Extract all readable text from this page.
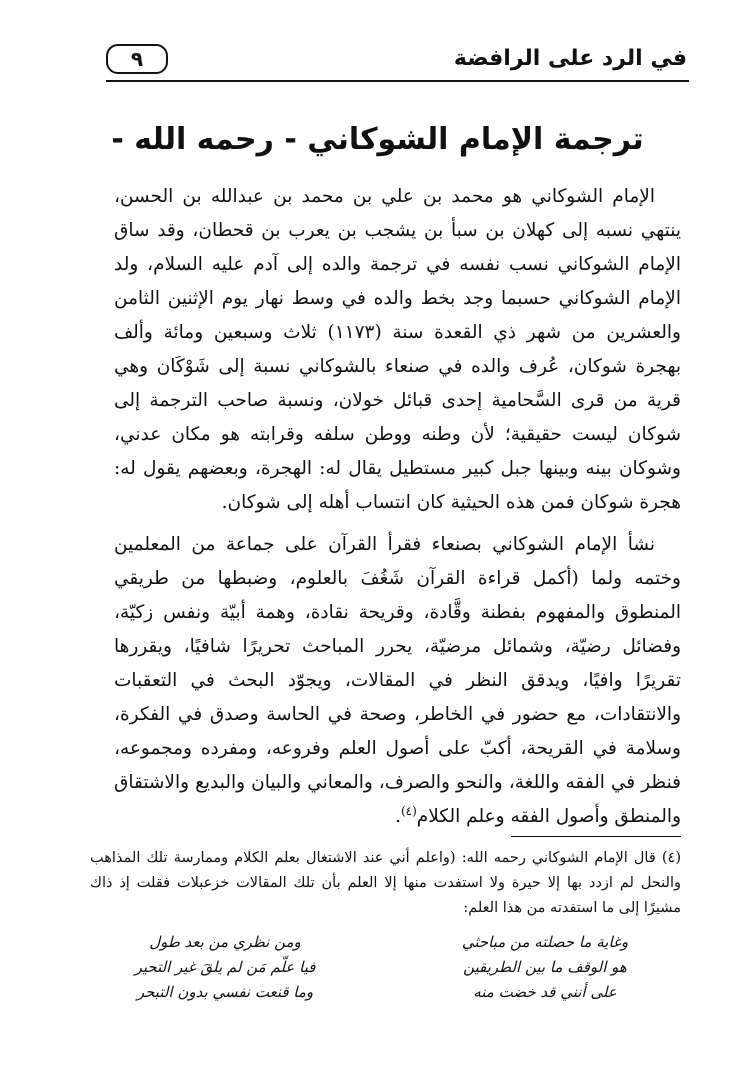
في الرد على الرافضة
٩
ترجمة الإمام الشوكاني - رحمه الله -

الإمام الشوكاني هو محمد بن علي بن محمد بن عبدالله بن الحسن، ينتهي نسبه إلى كهلان بن سبأ بن يشجب بن يعرب بن قحطان، وقد ساق الإمام الشوكاني نسب نفسه في ترجمة والده إلى آدم عليه السلام، ولد الإمام الشوكاني حسبما وجد بخط والده في وسط نهار يوم الإثنين الثامن والعشرين من شهر ذي القعدة سنة (١١٧٣) ثلاث وسبعين ومائة وألف بهجرة شوكان، عُرف والده في صنعاء بالشوكاني نسبة إلى شَوْكَان وهي قرية من قرى السَّحامية إحدى قبائل خولان، ونسبة صاحب الترجمة إلى شوكان ليست حقيقية؛ لأن وطنه ووطن سلفه وقرابته هو مكان عدني، وشوكان بينه وبينها جبل كبير مستطيل يقال له: الهجرة، وبعضهم يقول له: هجرة شوكان فمن هذه الحيثية كان انتساب أهله إلى شوكان.

نشأ الإمام الشوكاني بصنعاء فقرأ القرآن على جماعة من المعلمين وختمه ولما (أكمل قراءة القرآن شَغُفَ بالعلوم، وضبطها من طريقي المنطوق والمفهوم بفطنة وقَّادة، وقريحة نقادة، وهمة أبيّة ونفس زكيّة، وفضائل رضيّة، وشمائل مرضيّة، يحرر المباحث تحريرًا شافيًا، ويقررها تقريرًا وافيًا، ويدقق النظر في المقالات، ويجوّد البحث في التعقبات والانتقادات، مع حضور في الخاطر، وصحة في الحاسة وصدق في الفكرة، وسلامة في القريحة، أكبّ على أصول العلم وفروعه، ومفرده ومجموعه، فنظر في الفقه واللغة، والنحو والصرف، والمعاني والبيان والبديع والاشتقاق والمنطق وأصول الفقه وعلم الكلام$^{(٤)}$.

(٤) قال الإمام الشوكاني رحمه الله: (واعلم أني عند الاشتغال بعلم الكلام وممارسة تلك المذاهب والنحل لم ازدد بها إلا حيرة ولا استفدت منها إلا العلم بأن تلك المقالات خزعبلات فقلت إذ ذاك مشيرًا إلى ما استفدته من هذا العلم:

وغاية ما حصلته من مباحثي
ومن نظري من بعد طول
هو الوقف ما بين الطريقين
فيا علّم مَن لم يلقَ غير التحير
على أنني قد خضت منه
وما قنعت نفسي بدون التبحر
